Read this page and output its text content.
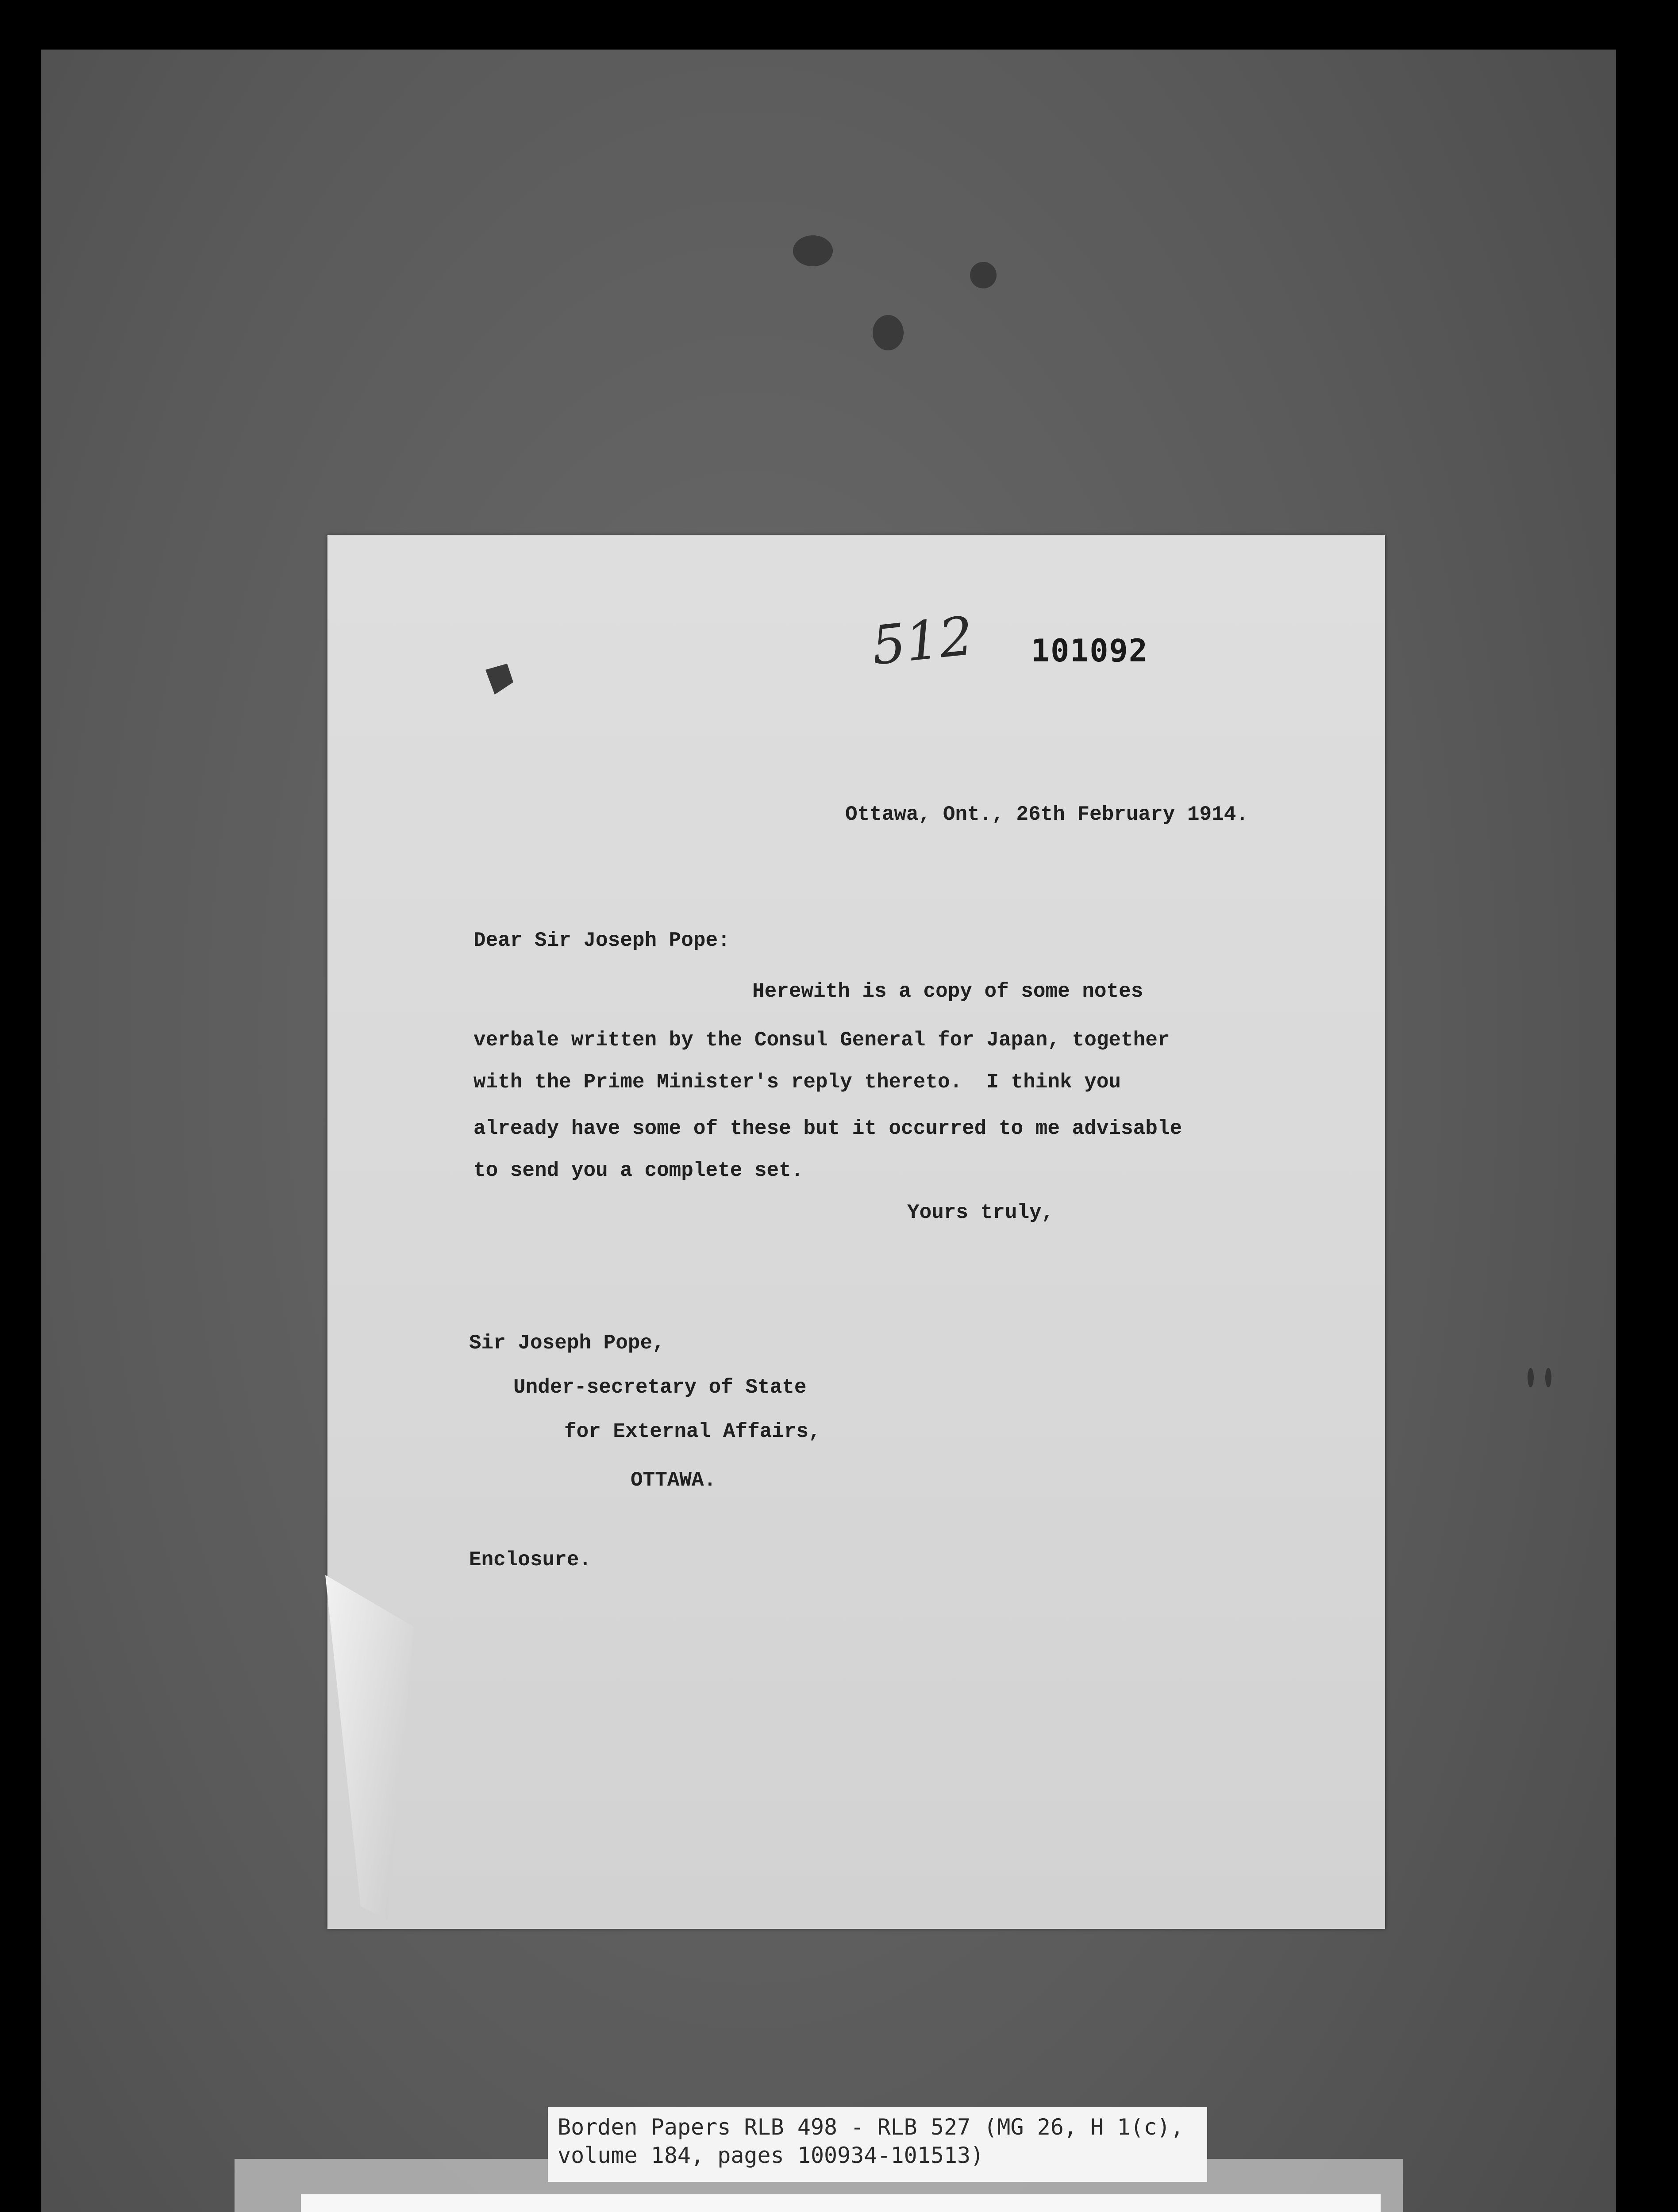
512 101092
Ottawa, Ont., 26th February 1914.
Dear Sir Joseph Pope:
Herewith is a copy of some notes
verbale written by the Consul General for Japan, together
with the Prime Minister's reply thereto.  I think you
already have some of these but it occurred to me advisable
to send you a complete set.
Yours truly,
Sir Joseph Pope,
Under-secretary of State
for External Affairs,
OTTAWA.
Enclosure.
Borden Papers RLB 498 - RLB 527 (MG 26, H 1(c),
volume 184, pages 100934-101513)
